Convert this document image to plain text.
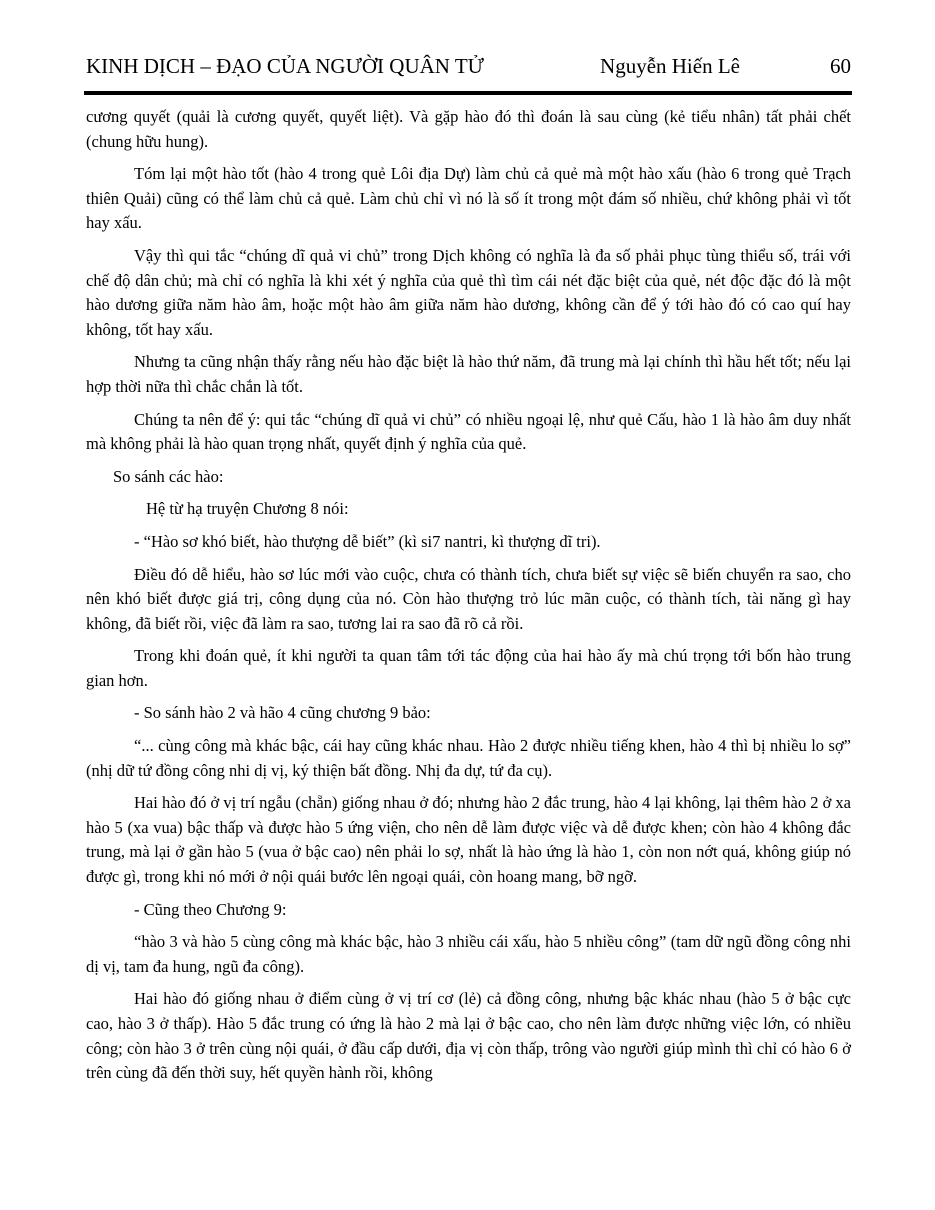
KINH DỊCH – ĐẠO CỦA NGƯỜI QUÂN TỬ	Nguyễn Hiến Lê	60

cương quyết (quải là cương quyết, quyết liệt). Và gặp hào đó thì đoán là sau cùng (kẻ tiểu nhân) tất phải chết (chung hữu hung).

Tóm lại một hào tốt (hào 4 trong quẻ Lôi địa Dự) làm chủ cả quẻ mà một hào xấu (hào 6 trong quẻ Trạch thiên Quải) cũng có thể làm chủ cả quẻ. Làm chủ chỉ vì nó là số ít trong một đám số nhiều, chứ không phải vì tốt hay xấu.

Vậy thì qui tắc “chúng dĩ quả vi chủ” trong Dịch không có nghĩa là đa số phải phục tùng thiểu số, trái với chế độ dân chủ; mà chỉ có nghĩa là khi xét ý nghĩa của quẻ thì tìm cái nét đặc biệt của quẻ, nét độc đặc đó là một hào dương giữa năm hào âm, hoặc một hào âm giữa năm hào dương, không cần để ý tới hào đó có cao quí hay không, tốt hay xấu.

Nhưng ta cũng nhận thấy rằng nếu hào đặc biệt là hào thứ năm, đã trung mà lại chính thì hầu hết tốt; nếu lại hợp thời nữa thì chắc chắn là tốt.

Chúng ta nên để ý: qui tắc “chúng dĩ quả vi chủ” có nhiều ngoại lệ, như quẻ Cấu, hào 1 là hào âm duy nhất mà không phải là hào quan trọng nhất, quyết định ý nghĩa của quẻ.

So sánh các hào:

Hệ từ hạ truyện Chương 8 nói:

- “Hào sơ khó biết, hào thượng dễ biết” (kì si7 nantri, kì thượng dĩ tri).

Điều đó dễ hiểu, hào sơ lúc mới vào cuộc, chưa có thành tích, chưa biết sự việc sẽ biến chuyển ra sao, cho nên khó biết được giá trị, công dụng của nó. Còn hào thượng trỏ lúc mãn cuộc, có thành tích, tài năng gì hay không, đã biết rồi, việc đã làm ra sao, tương lai ra sao đã rõ cả rồi.

Trong khi đoán quẻ, ít khi người ta quan tâm tới tác động của hai hào ấy mà chú trọng tới bốn hào trung gian hơn.

- So sánh hào 2 và hão 4 cũng chương 9 bảo:

“... cùng công mà khác bậc, cái hay cũng khác nhau. Hào 2 được nhiều tiếng khen, hào 4 thì bị nhiều lo sợ” (nhị dữ tứ đồng công nhi dị vị, ký thiện bất đồng. Nhị đa dự, tứ đa cụ).

Hai hào đó ở vị trí ngẫu (chẵn) giống nhau ở đó; nhưng hào 2 đắc trung, hào 4 lại không, lại thêm hào 2 ở xa hào 5 (xa vua) bậc thấp và được hào 5 ứng viện, cho nên dễ làm được việc và dễ được khen; còn hào 4 không đắc trung, mà lại ở gần hào 5 (vua ở bậc cao) nên phải lo sợ, nhất là hào ứng là hào 1, còn non nớt quá, không giúp nó được gì, trong khi nó mới ở nội quái bước lên ngoại quái, còn hoang mang, bỡ ngỡ.

- Cũng theo Chương 9:

“hào 3 và hào 5 cùng công mà khác bậc, hào 3 nhiều cái xấu, hào 5 nhiều công” (tam dữ ngũ đồng công nhi dị vị, tam đa hung, ngũ đa công).

Hai hào đó giống nhau ở điểm cùng ở vị trí cơ (lẻ) cả đồng công, nhưng bậc khác nhau (hào 5 ở bậc cực cao, hào 3 ở thấp). Hào 5 đắc trung có ứng là hào 2 mà lại ở bậc cao, cho nên làm được những việc lớn, có nhiều công; còn hào 3 ở trên cùng nội quái, ở đầu cấp dưới, địa vị còn thấp, trông vào người giúp mình thì chỉ có hào 6 ở trên cùng đã đến thời suy, hết quyền hành rồi, không
